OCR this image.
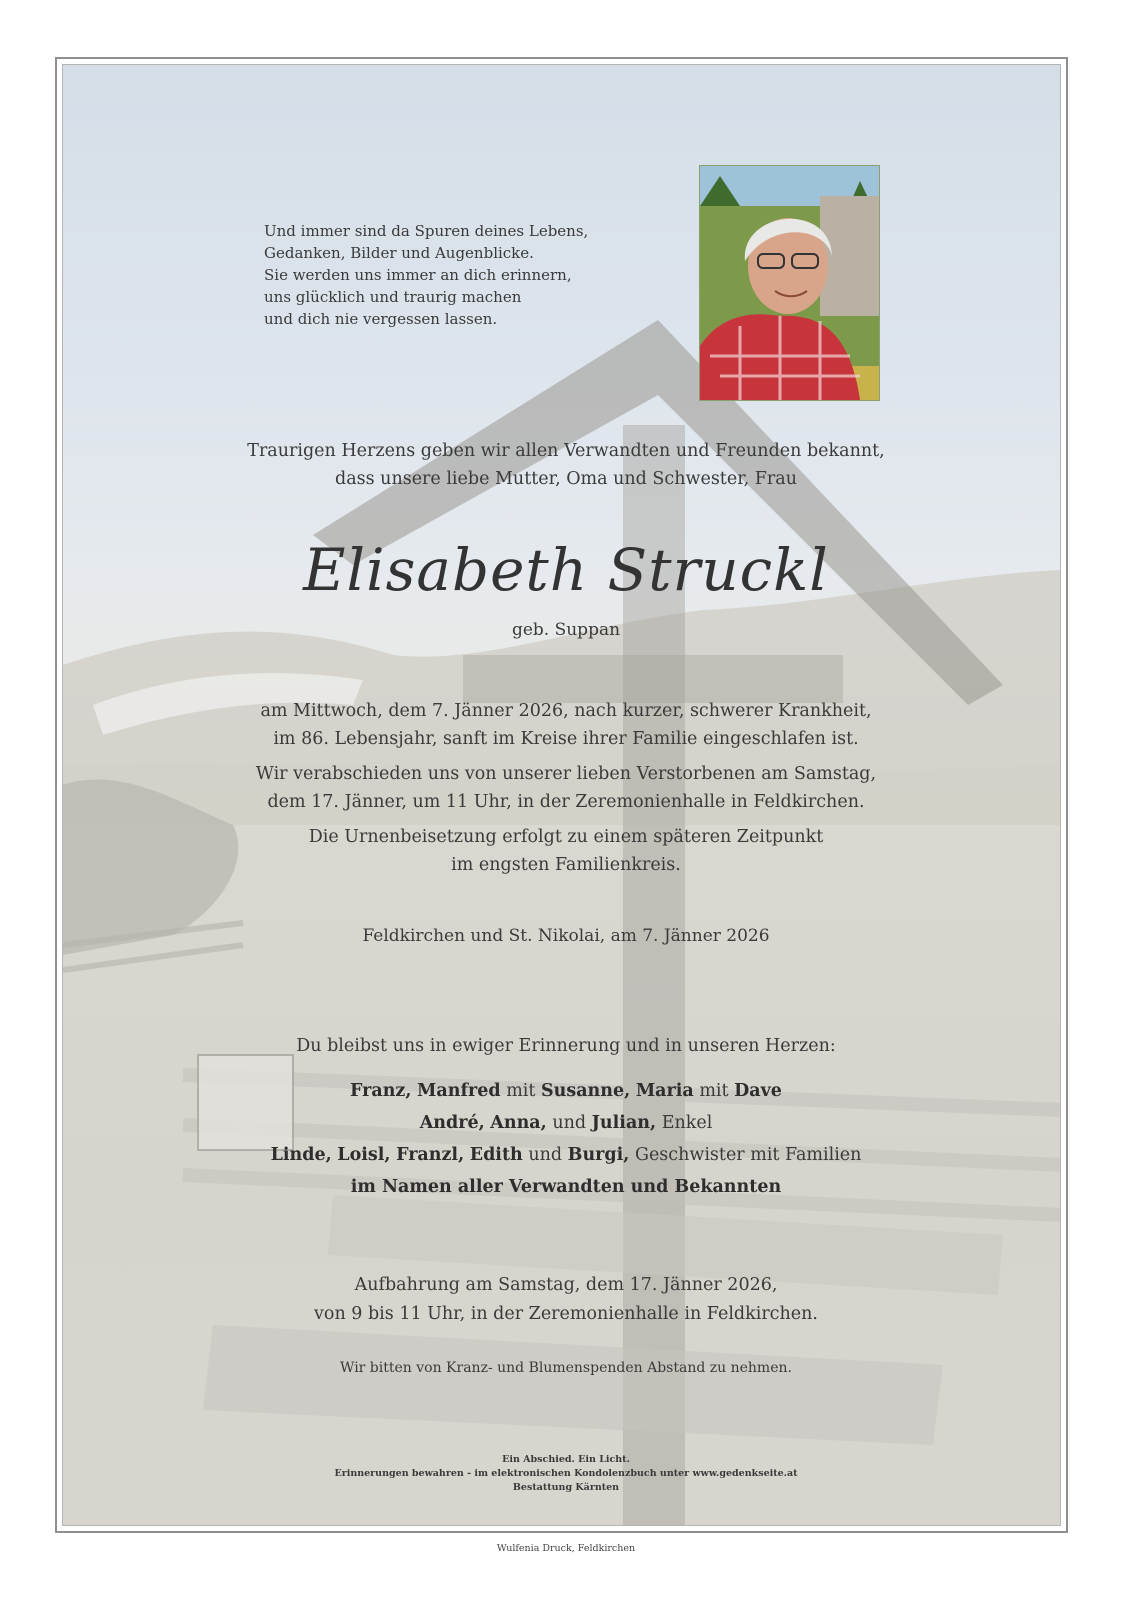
Und immer sind da Spuren deines Lebens,
Gedanken, Bilder und Augenblicke.
Sie werden uns immer an dich erinnern,
uns glücklich und traurig machen
und dich nie vergessen lassen.
Traurigen Herzens geben wir allen Verwandten und Freunden bekannt,
dass unsere liebe Mutter, Oma und Schwester, Frau
Elisabeth Struckl
geb. Suppan
am Mittwoch, dem 7. Jänner 2026, nach kurzer, schwerer Krankheit,
im 86. Lebensjahr, sanft im Kreise ihrer Familie eingeschlafen ist.
Wir verabschieden uns von unserer lieben Verstorbenen am Samstag,
dem 17. Jänner, um 11 Uhr, in der Zeremonienhalle in Feldkirchen.
Die Urnenbeisetzung erfolgt zu einem späteren Zeitpunkt
im engsten Familienkreis.
Feldkirchen und St. Nikolai, am 7. Jänner 2026
Du bleibst uns in ewiger Erinnerung und in unseren Herzen:
Franz, Manfred mit Susanne, Maria mit Dave
André, Anna, und Julian, Enkel
Linde, Loisl, Franzl, Edith und Burgi, Geschwister mit Familien
im Namen aller Verwandten und Bekannten
Aufbahrung am Samstag, dem 17. Jänner 2026,
von 9 bis 11 Uhr, in der Zeremonienhalle in Feldkirchen.
Wir bitten von Kranz- und Blumenspenden Abstand zu nehmen.
Ein Abschied. Ein Licht.
Erinnerungen bewahren - im elektronischen Kondolenzbuch unter www.gedenkseite.at
Bestattung Kärnten
Wulfenia Druck, Feldkirchen
